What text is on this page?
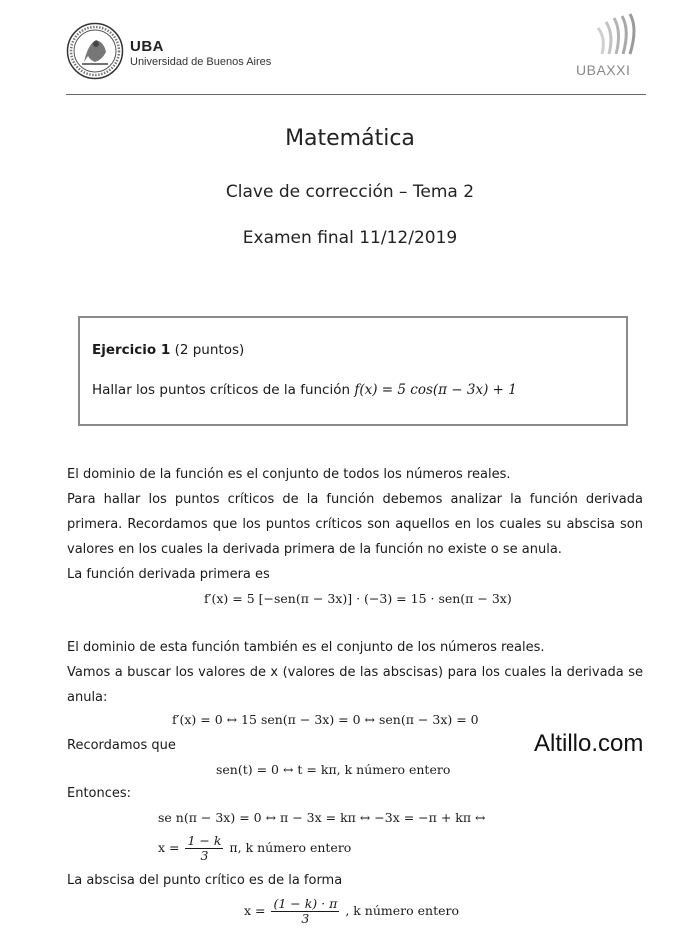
UBA
Universidad de Buenos Aires	UBAXXI
Matemática
Clave de corrección – Tema 2
Examen final 11/12/2019
Ejercicio 1 (2 puntos)
Hallar los puntos críticos de la función f(x) = 5 cos(π − 3x) + 1
El dominio de la función es el conjunto de todos los números reales.
Para hallar los puntos críticos de la función debemos analizar la función derivada primera. Recordamos que los puntos críticos son aquellos en los cuales su abscisa son valores en los cuales la derivada primera de la función no existe o se anula.
La función derivada primera es
f′(x) = 5 [−sen(π − 3x)] · (−3) = 15 · sen(π − 3x)
El dominio de esta función también es el conjunto de los números reales.
Vamos a buscar los valores de x (valores de las abscisas) para los cuales la derivada se anula:
f′(x) = 0 ↔ 15 sen(π − 3x) = 0 ↔ sen(π − 3x) = 0
Recordamos que
sen(t) = 0 ↔ t = kπ, k número entero
Entonces:
se n(π − 3x) = 0 ↔ π − 3x = kπ ↔ −3x = −π + kπ ↔
$x = \frac{1 - k}{3} \pi$, k número entero
La abscisa del punto crítico es de la forma
$x = \frac{(1 - k) \cdot \pi}{3}$ , k número entero
Altillo.com
